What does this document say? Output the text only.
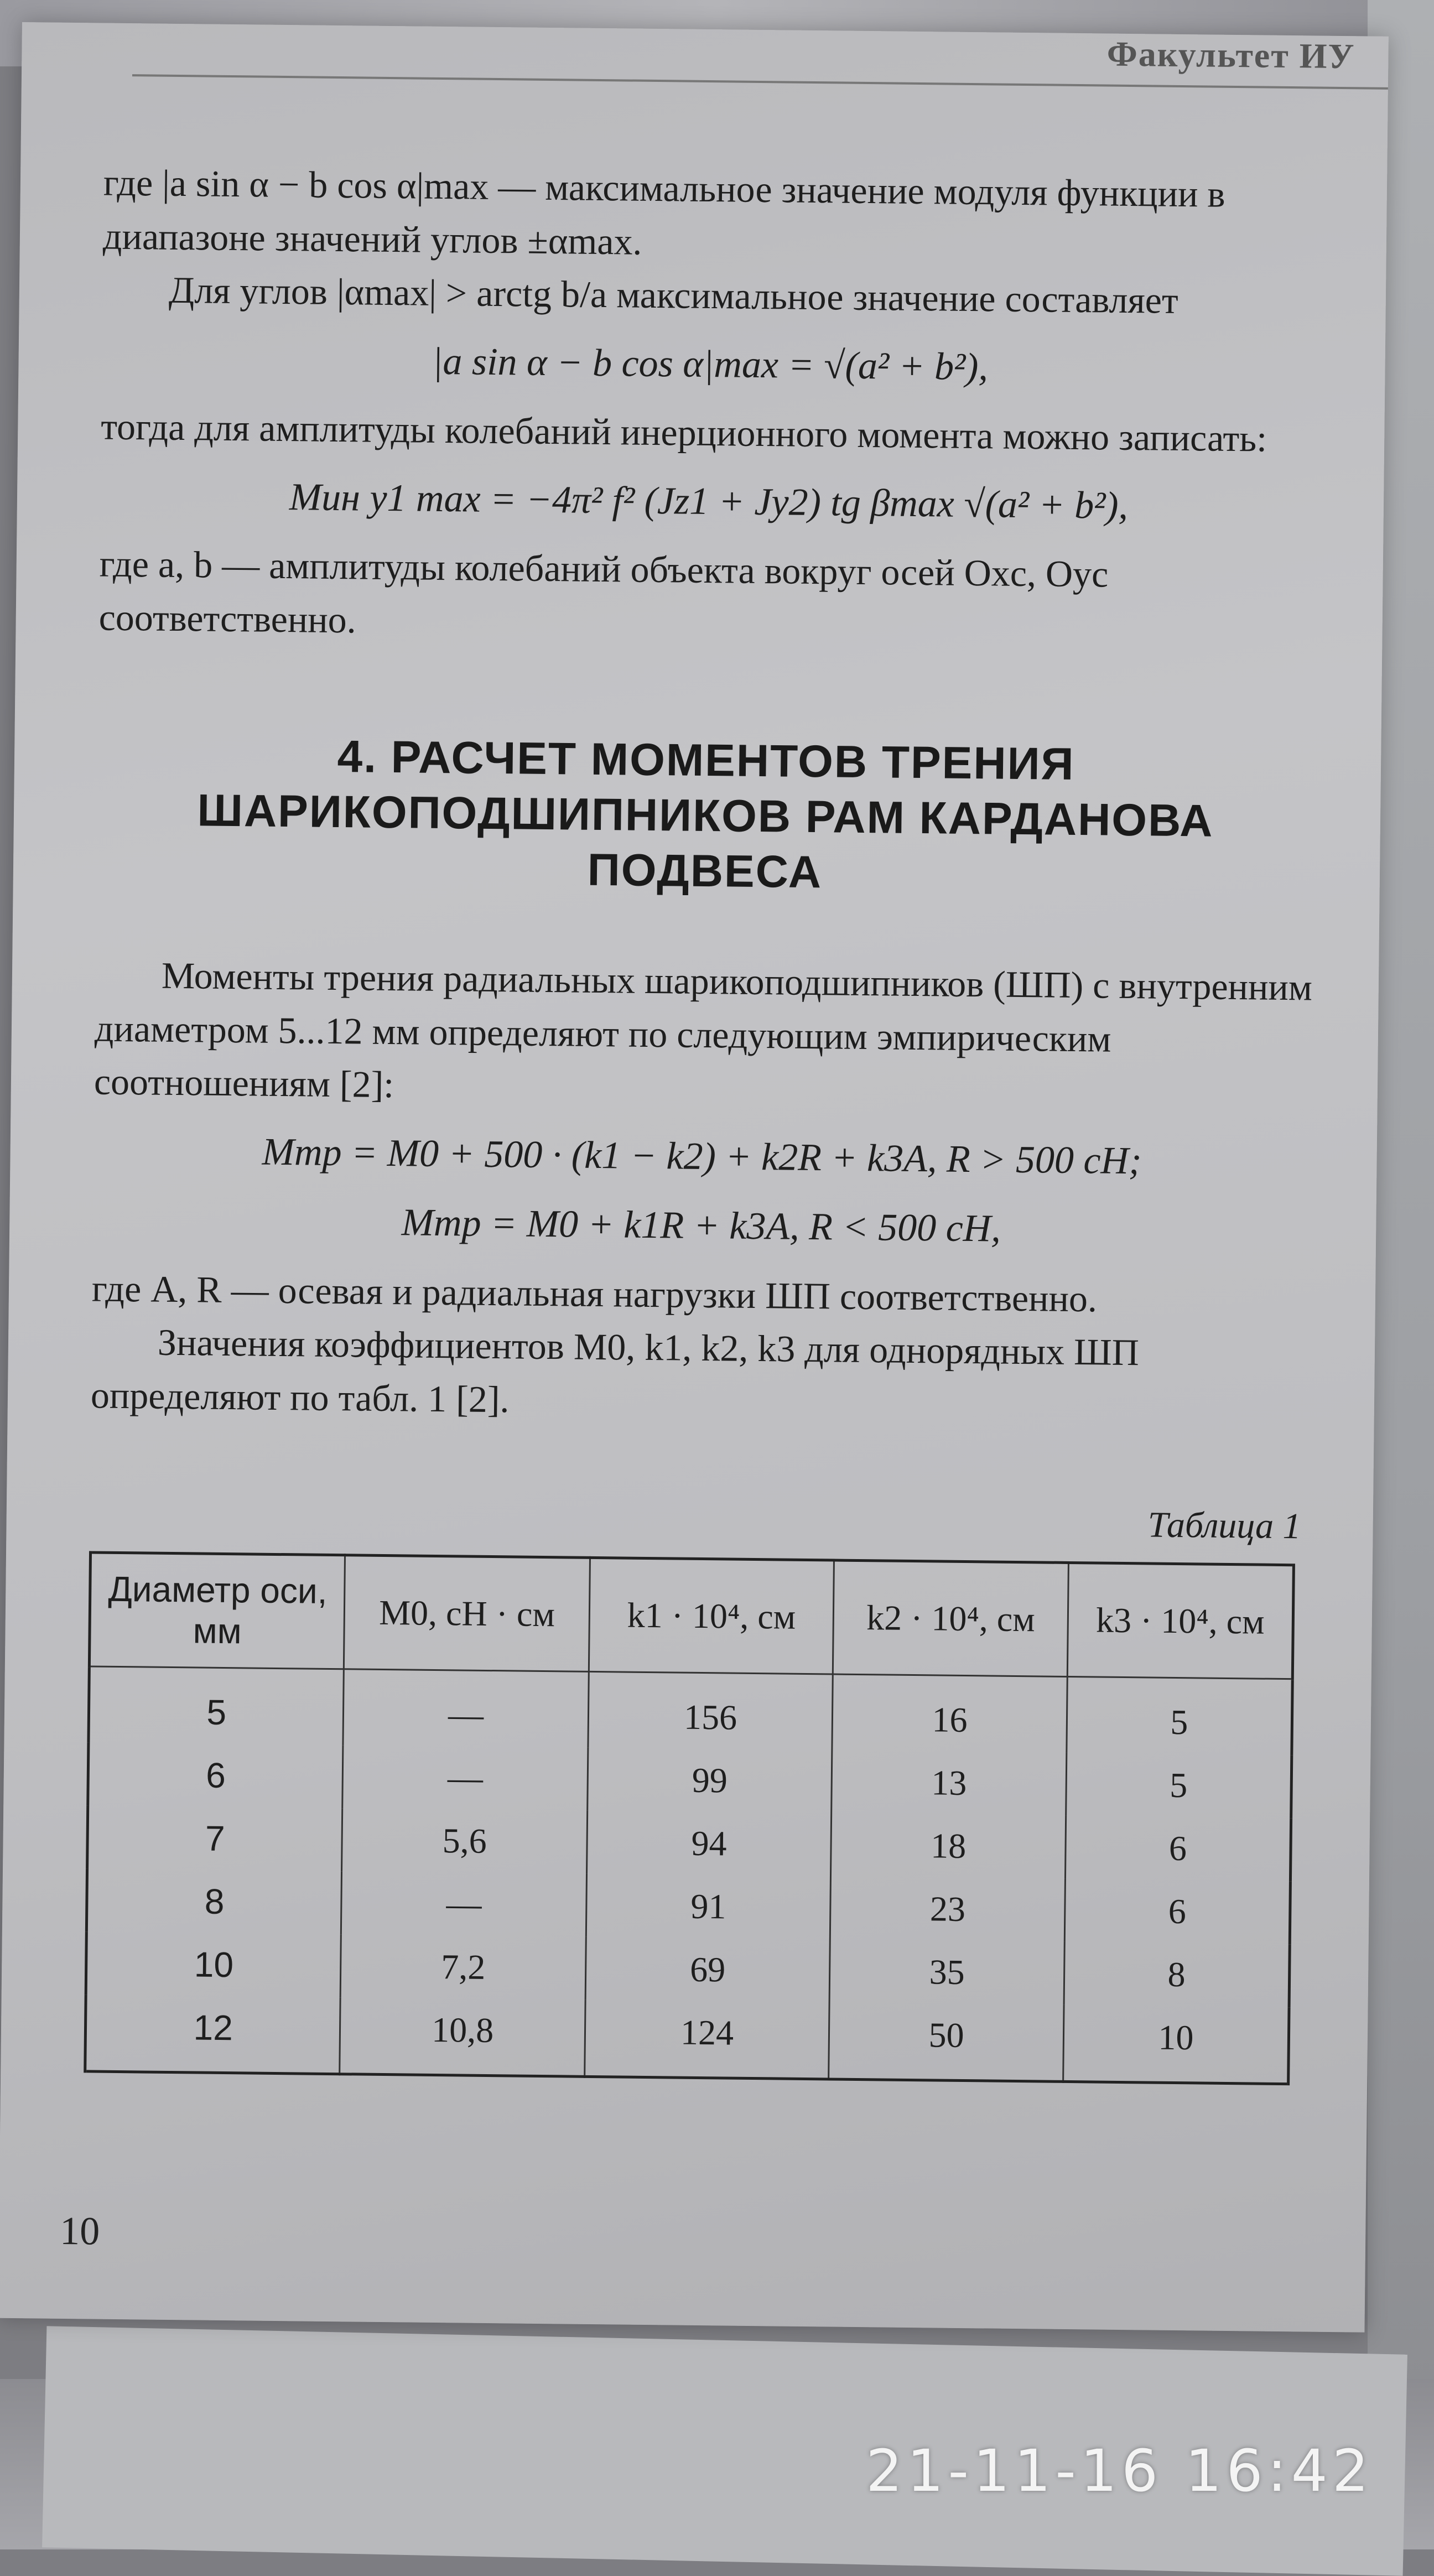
Факультет ИУ

где |a sin α − b cos α|max — максимальное значение модуля функции в диапазоне значений углов ±αmax.

Для углов |αmax| > arctg b/a максимальное значение составляет

|a sin α − b cos α|max = √(a² + b²),

тогда для амплитуды колебаний инерционного момента можно записать:

Mин y1 max = −4π² f² (Jz1 + Jy2) tg βmax √(a² + b²),

где a, b — амплитуды колебаний объекта вокруг осей Oxc, Oyc соответственно.

4. РАСЧЕТ МОМЕНТОВ ТРЕНИЯ ШАРИКОПОДШИПНИКОВ РАМ КАРДАНОВА ПОДВЕСА

Моменты трения радиальных шарикоподшипников (ШП) с внутренним диаметром 5...12 мм определяют по следующим эмпирическим соотношениям [2]:

Mтр = M0 + 500 · (k1 − k2) + k2R + k3A, R > 500 сН;
Mтр = M0 + k1R + k3A, R < 500 сН,

где A, R — осевая и радиальная нагрузки ШП соответственно.

Значения коэффициентов M0, k1, k2, k3 для однорядных ШП определяют по табл. 1 [2].

Таблица 1
Диаметр оси, мм	M0, сН · см	k1 · 10⁴, см	k2 · 10⁴, см	k3 · 10⁴, см
5	—	156	16	5
6	—	99	13	5
7	5,6	94	18	6
8	—	91	23	6
10	7,2	69	35	8
12	10,8	124	50	10
10
21-11-16 16:42
